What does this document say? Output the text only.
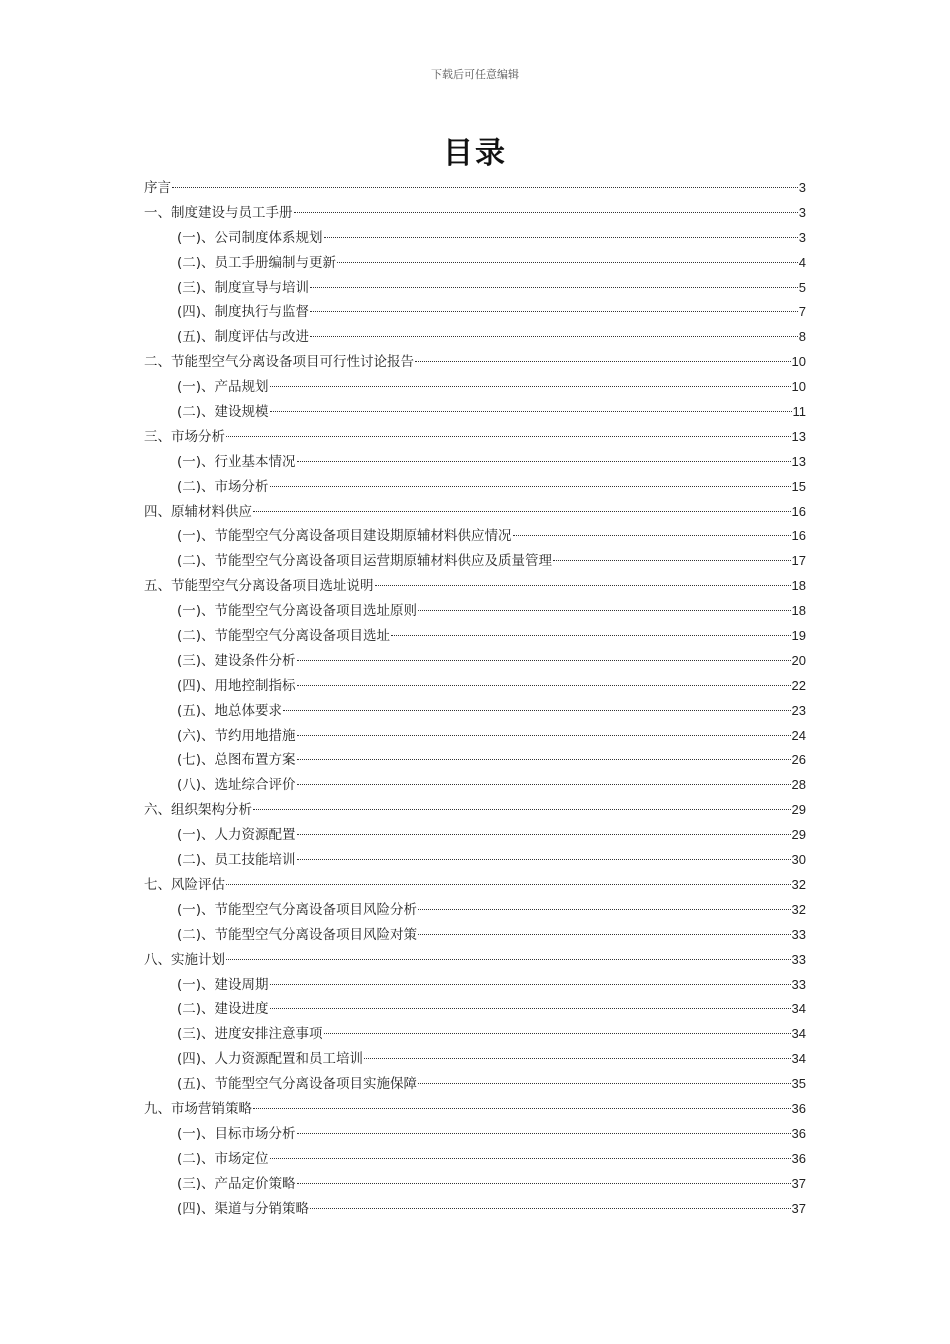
下载后可任意编辑
目录
序言	3
一、制度建设与员工手册	3
(一)、公司制度体系规划	3
(二)、员工手册编制与更新	4
(三)、制度宣导与培训	5
(四)、制度执行与监督	7
(五)、制度评估与改进	8
二、节能型空气分离设备项目可行性讨论报告	10
(一)、产品规划	10
(二)、建设规模	11
三、市场分析	13
(一)、行业基本情况	13
(二)、市场分析	15
四、原辅材料供应	16
(一)、节能型空气分离设备项目建设期原辅材料供应情况	16
(二)、节能型空气分离设备项目运营期原辅材料供应及质量管理	17
五、节能型空气分离设备项目选址说明	18
(一)、节能型空气分离设备项目选址原则	18
(二)、节能型空气分离设备项目选址	19
(三)、建设条件分析	20
(四)、用地控制指标	22
(五)、地总体要求	23
(六)、节约用地措施	24
(七)、总图布置方案	26
(八)、选址综合评价	28
六、组织架构分析	29
(一)、人力资源配置	29
(二)、员工技能培训	30
七、风险评估	32
(一)、节能型空气分离设备项目风险分析	32
(二)、节能型空气分离设备项目风险对策	33
八、实施计划	33
(一)、建设周期	33
(二)、建设进度	34
(三)、进度安排注意事项	34
(四)、人力资源配置和员工培训	34
(五)、节能型空气分离设备项目实施保障	35
九、市场营销策略	36
(一)、目标市场分析	36
(二)、市场定位	36
(三)、产品定价策略	37
(四)、渠道与分销策略	37
